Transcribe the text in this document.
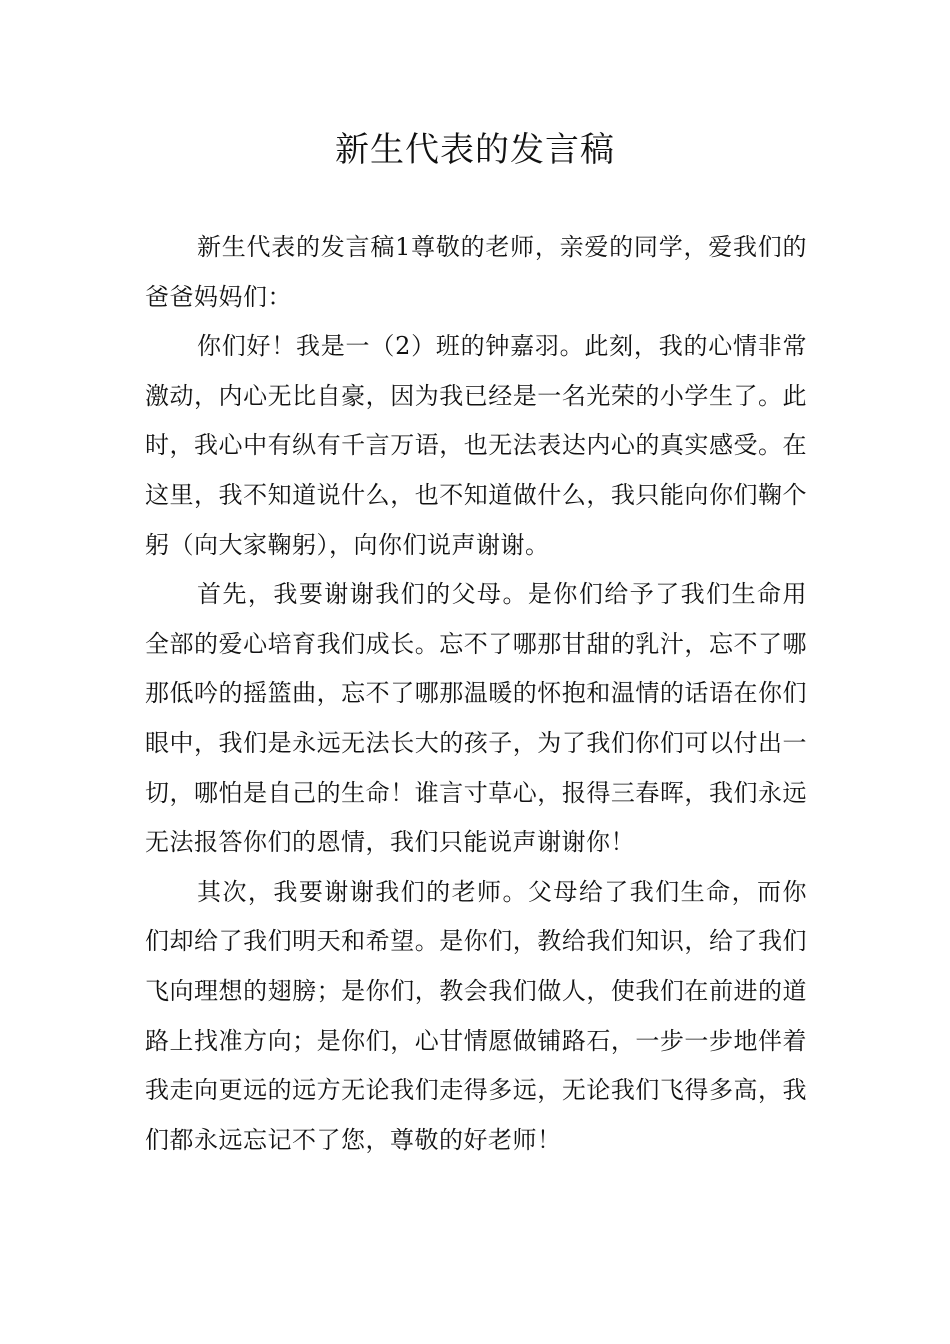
新生代表的发言稿

新生代表的发言稿1尊敬的老师，亲爱的同学，爱我们的爸爸妈妈们：

你们好！我是一（2）班的钟嘉羽。此刻，我的心情非常激动，内心无比自豪，因为我已经是一名光荣的小学生了。此时，我心中有纵有千言万语，也无法表达内心的真实感受。在这里，我不知道说什么，也不知道做什么，我只能向你们鞠个躬（向大家鞠躬），向你们说声谢谢。

首先，我要谢谢我们的父母。是你们给予了我们生命用全部的爱心培育我们成长。忘不了哪那甘甜的乳汁，忘不了哪那低吟的摇篮曲，忘不了哪那温暖的怀抱和温情的话语在你们眼中，我们是永远无法长大的孩子，为了我们你们可以付出一切，哪怕是自己的生命！谁言寸草心，报得三春晖，我们永远无法报答你们的恩情，我们只能说声谢谢你！

其次，我要谢谢我们的老师。父母给了我们生命，而你们却给了我们明天和希望。是你们，教给我们知识，给了我们飞向理想的翅膀；是你们，教会我们做人，使我们在前进的道路上找准方向；是你们，心甘情愿做铺路石，一步一步地伴着我走向更远的远方无论我们走得多远，无论我们飞得多高，我们都永远忘记不了您，尊敬的好老师！
